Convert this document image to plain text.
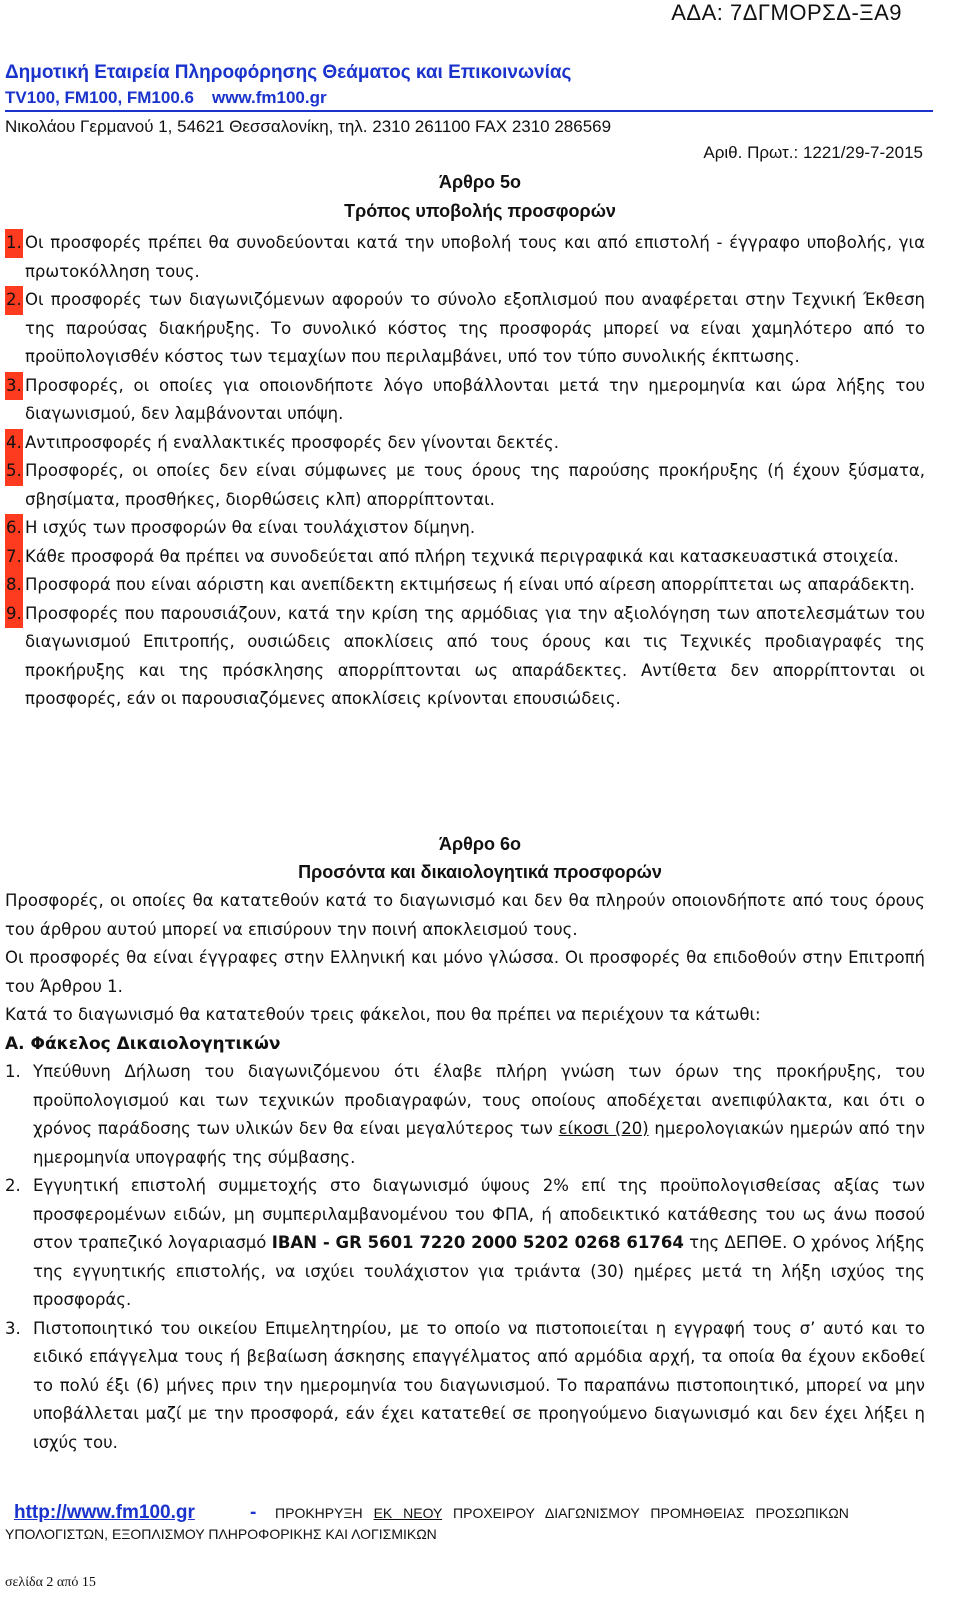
ΑΔΑ: 7ΔΓΜΟΡΣΔ-ΞΑ9
Δημοτική Εταιρεία Πληροφόρησης Θεάματος και Επικοινωνίας
TV100, FM100, FM100.6 www.fm100.gr
Νικολάου Γερμανού 1, 54621 Θεσσαλονίκη, τηλ. 2310 261100 FAX 2310 286569
Αριθ. Πρωτ.: 1221/29-7-2015
Άρθρο 5ο
Τρόπος υποβολής προσφορών
1. Οι προσφορές πρέπει θα συνοδεύονται κατά την υποβολή τους και από επιστολή - έγγραφο υποβολής, για πρωτοκόλληση τους.
2. Οι προσφορές των διαγωνιζόμενων αφορούν το σύνολο εξοπλισμού που αναφέρεται στην Τεχνική Έκθεση της παρούσας διακήρυξης. Το συνολικό κόστος της προσφοράς μπορεί να είναι χαμηλότερο από το προϋπολογισθέν κόστος των τεμαχίων που περιλαμβάνει, υπό τον τύπο συνολικής έκπτωσης.
3. Προσφορές, οι οποίες για οποιονδήποτε λόγο υποβάλλονται μετά την ημερομηνία και ώρα λήξης του διαγωνισμού, δεν λαμβάνονται υπόψη.
4. Αντιπροσφορές ή εναλλακτικές προσφορές δεν γίνονται δεκτές.
5. Προσφορές, οι οποίες δεν είναι σύμφωνες με τους όρους της παρούσης προκήρυξης (ή έχουν ξύσματα, σβησίματα, προσθήκες, διορθώσεις κλπ) απορρίπτονται.
6. Η ισχύς των προσφορών θα είναι τουλάχιστον δίμηνη.
7. Κάθε προσφορά θα πρέπει να συνοδεύεται από πλήρη τεχνικά περιγραφικά και κατασκευαστικά στοιχεία.
8. Προσφορά που είναι αόριστη και ανεπίδεκτη εκτιμήσεως ή είναι υπό αίρεση απορρίπτεται ως απαράδεκτη.
9. Προσφορές που παρουσιάζουν, κατά την κρίση της αρμόδιας για την αξιολόγηση των αποτελεσμάτων του διαγωνισμού Επιτροπής, ουσιώδεις αποκλίσεις από τους όρους και τις Τεχνικές προδιαγραφές της προκήρυξης και της πρόσκλησης απορρίπτονται ως απαράδεκτες. Αντίθετα δεν απορρίπτονται οι προσφορές, εάν οι παρουσιαζόμενες αποκλίσεις κρίνονται επουσιώδεις.
Άρθρο 6ο
Προσόντα και δικαιολογητικά προσφορών
Προσφορές, οι οποίες θα κατατεθούν κατά το διαγωνισμό και δεν θα πληρούν οποιονδήποτε από τους όρους του άρθρου αυτού μπορεί να επισύρουν την ποινή αποκλεισμού τους.
Οι προσφορές θα είναι έγγραφες στην Ελληνική και μόνο γλώσσα. Οι προσφορές θα επιδοθούν στην Επιτροπή του Άρθρου 1.
Κατά το διαγωνισμό θα κατατεθούν τρεις φάκελοι, που θα πρέπει να περιέχουν τα κάτωθι:
Α. Φάκελος Δικαιολογητικών
1. Υπεύθυνη Δήλωση του διαγωνιζόμενου ότι έλαβε πλήρη γνώση των όρων της προκήρυξης, του προϋπολογισμού και των τεχνικών προδιαγραφών, τους οποίους αποδέχεται ανεπιφύλακτα, και ότι ο χρόνος παράδοσης των υλικών δεν θα είναι μεγαλύτερος των είκοσι (20) ημερολογιακών ημερών από την ημερομηνία υπογραφής της σύμβασης.
2. Εγγυητική επιστολή συμμετοχής στο διαγωνισμό ύψους 2% επί της προϋπολογισθείσας αξίας των προσφερομένων ειδών, μη συμπεριλαμβανομένου του ΦΠΑ, ή αποδεικτικό κατάθεσης του ως άνω ποσού στον τραπεζικό λογαριασμό IBAN - GR 5601 7220 2000 5202 0268 61764 της ΔΕΠΘΕ. Ο χρόνος λήξης της εγγυητικής επιστολής, να ισχύει τουλάχιστον για τριάντα (30) ημέρες μετά τη λήξη ισχύος της προσφοράς.
3. Πιστοποιητικό του οικείου Επιμελητηρίου, με το οποίο να πιστοποιείται η εγγραφή τους σ’ αυτό και το ειδικό επάγγελμα τους ή βεβαίωση άσκησης επαγγέλματος από αρμόδια αρχή, τα οποία θα έχουν εκδοθεί το πολύ έξι (6) μήνες πριν την ημερομηνία του διαγωνισμού. Το παραπάνω πιστοποιητικό, μπορεί να μην υποβάλλεται μαζί με την προσφορά, εάν έχει κατατεθεί σε προηγούμενο διαγωνισμό και δεν έχει λήξει η ισχύς του.
http://www.fm100.gr	- ΠΡΟΚΗΡΥΞΗ ΕΚ ΝΕΟΥ ΠΡΟΧΕΙΡΟΥ ΔΙΑΓΩΝΙΣΜΟΥ ΠΡΟΜΗΘΕΙΑΣ ΠΡΟΣΩΠΙΚΩΝ
ΥΠΟΛΟΓΙΣΤΩΝ, ΕΞΟΠΛΙΣΜΟΥ ΠΛΗΡΟΦΟΡΙΚΗΣ ΚΑΙ ΛΟΓΙΣΜΙΚΩΝ
σελίδα 2 από 15
